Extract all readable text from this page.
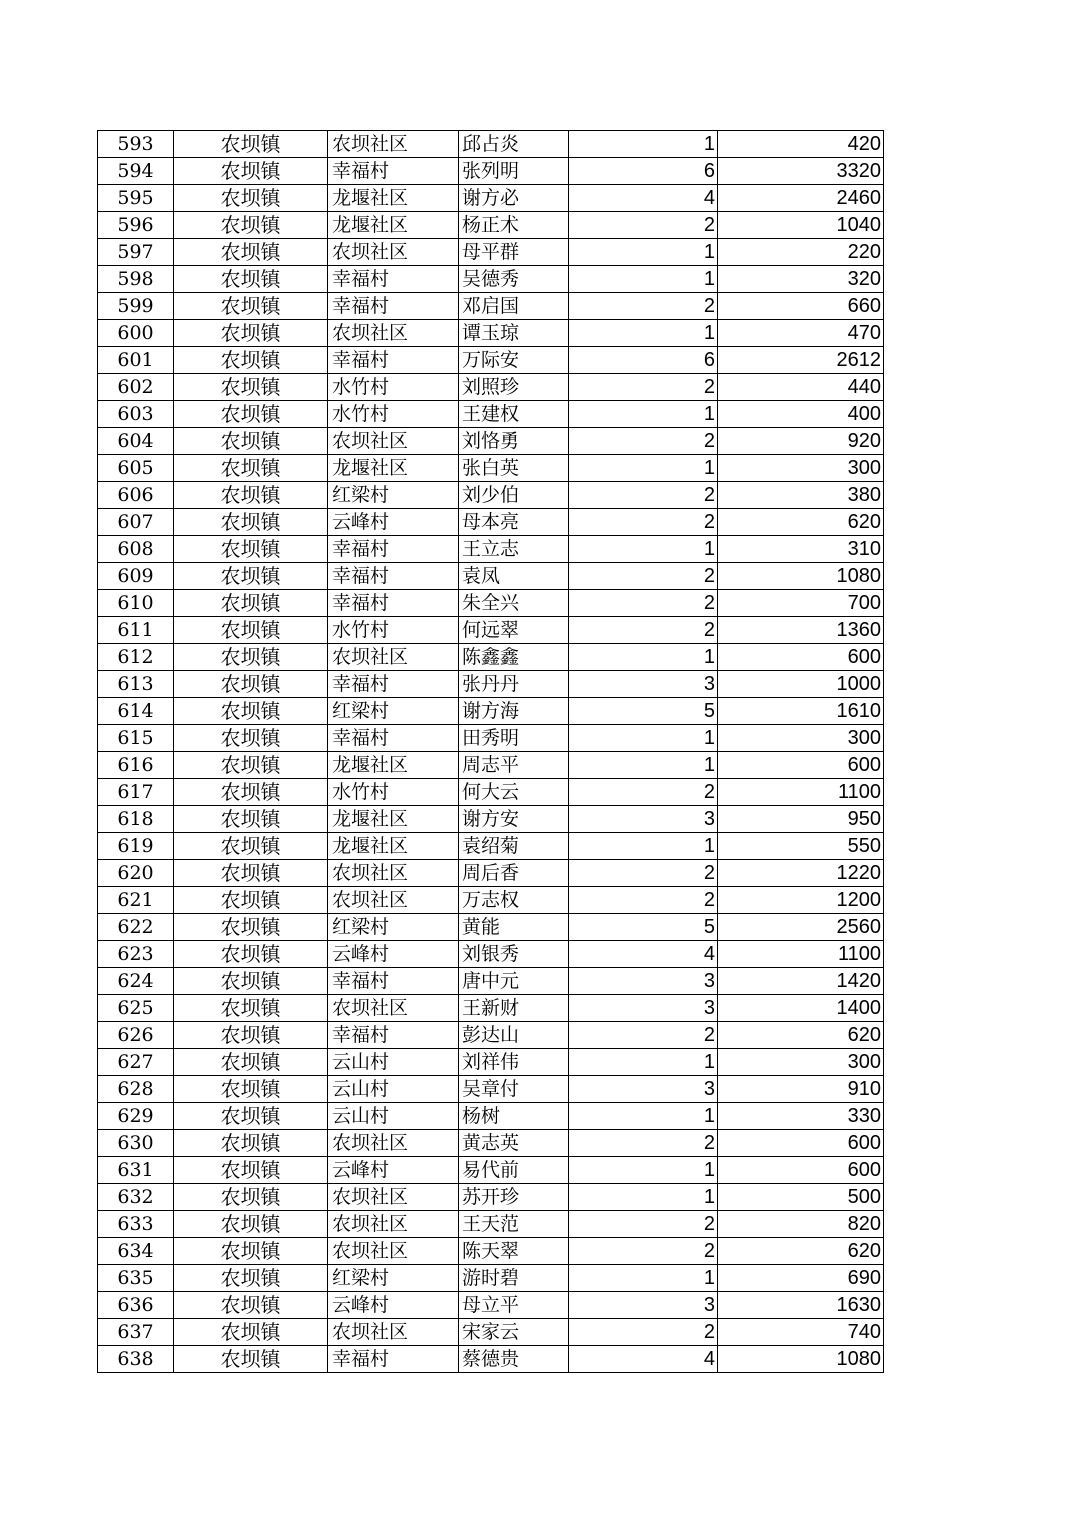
593	农坝镇	农坝社区	邱占炎	1	420
594	农坝镇	幸福村	张列明	6	3320
595	农坝镇	龙堰社区	谢方必	4	2460
596	农坝镇	龙堰社区	杨正术	2	1040
597	农坝镇	农坝社区	母平群	1	220
598	农坝镇	幸福村	吴德秀	1	320
599	农坝镇	幸福村	邓启国	2	660
600	农坝镇	农坝社区	谭玉琼	1	470
601	农坝镇	幸福村	万际安	6	2612
602	农坝镇	水竹村	刘照珍	2	440
603	农坝镇	水竹村	王建权	1	400
604	农坝镇	农坝社区	刘恪勇	2	920
605	农坝镇	龙堰社区	张白英	1	300
606	农坝镇	红梁村	刘少伯	2	380
607	农坝镇	云峰村	母本亮	2	620
608	农坝镇	幸福村	王立志	1	310
609	农坝镇	幸福村	袁凤	2	1080
610	农坝镇	幸福村	朱全兴	2	700
611	农坝镇	水竹村	何远翠	2	1360
612	农坝镇	农坝社区	陈鑫鑫	1	600
613	农坝镇	幸福村	张丹丹	3	1000
614	农坝镇	红梁村	谢方海	5	1610
615	农坝镇	幸福村	田秀明	1	300
616	农坝镇	龙堰社区	周志平	1	600
617	农坝镇	水竹村	何大云	2	1100
618	农坝镇	龙堰社区	谢方安	3	950
619	农坝镇	龙堰社区	袁绍菊	1	550
620	农坝镇	农坝社区	周后香	2	1220
621	农坝镇	农坝社区	万志权	2	1200
622	农坝镇	红梁村	黄能	5	2560
623	农坝镇	云峰村	刘银秀	4	1100
624	农坝镇	幸福村	唐中元	3	1420
625	农坝镇	农坝社区	王新财	3	1400
626	农坝镇	幸福村	彭达山	2	620
627	农坝镇	云山村	刘祥伟	1	300
628	农坝镇	云山村	吴章付	3	910
629	农坝镇	云山村	杨树	1	330
630	农坝镇	农坝社区	黄志英	2	600
631	农坝镇	云峰村	易代前	1	600
632	农坝镇	农坝社区	苏开珍	1	500
633	农坝镇	农坝社区	王天范	2	820
634	农坝镇	农坝社区	陈天翠	2	620
635	农坝镇	红梁村	游时碧	1	690
636	农坝镇	云峰村	母立平	3	1630
637	农坝镇	农坝社区	宋家云	2	740
638	农坝镇	幸福村	蔡德贵	4	1080
